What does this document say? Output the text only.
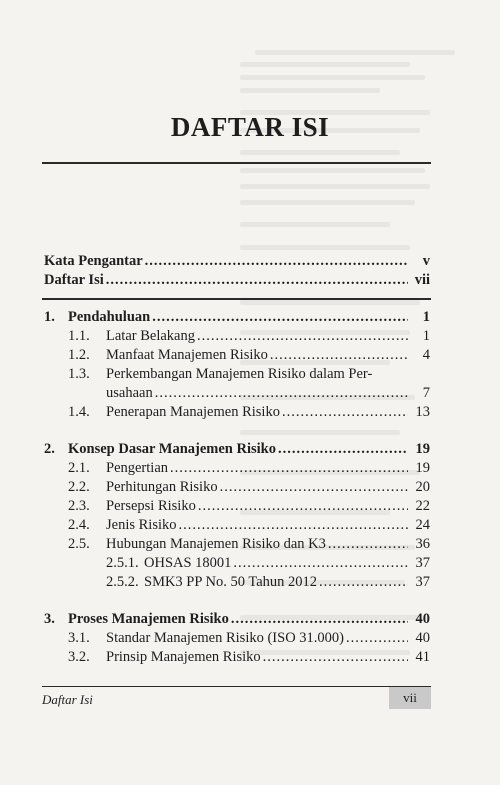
DAFTAR ISI
Kata Pengantar .....	v
Daftar Isi .....	vii
1. Pendahuluan .....	1
1.1.	Latar Belakang .....	1
1.2.	Manfaat Manajemen Risiko .....	4
1.3.	Perkembangan Manajemen Risiko dalam Per-
usahaan .....	7
1.4.	Penerapan Manajemen Risiko .....	13
2. Konsep Dasar Manajemen Risiko .....	19
2.1.	Pengertian .....	19
2.2.	Perhitungan Risiko .....	20
2.3.	Persepsi Risiko .....	22
2.4.	Jenis Risiko .....	24
2.5.	Hubungan Manajemen Risiko dan K3 .....	36
2.5.1. OHSAS 18001 .....	37
2.5.2. SMK3 PP No. 50 Tahun 2012 .....	37
3. Proses Manajemen Risiko .....	40
3.1.	Standar Manajemen Risiko (ISO 31.000) .....	40
3.2.	Prinsip Manajemen Risiko .....	41
Daftar Isi	vii
